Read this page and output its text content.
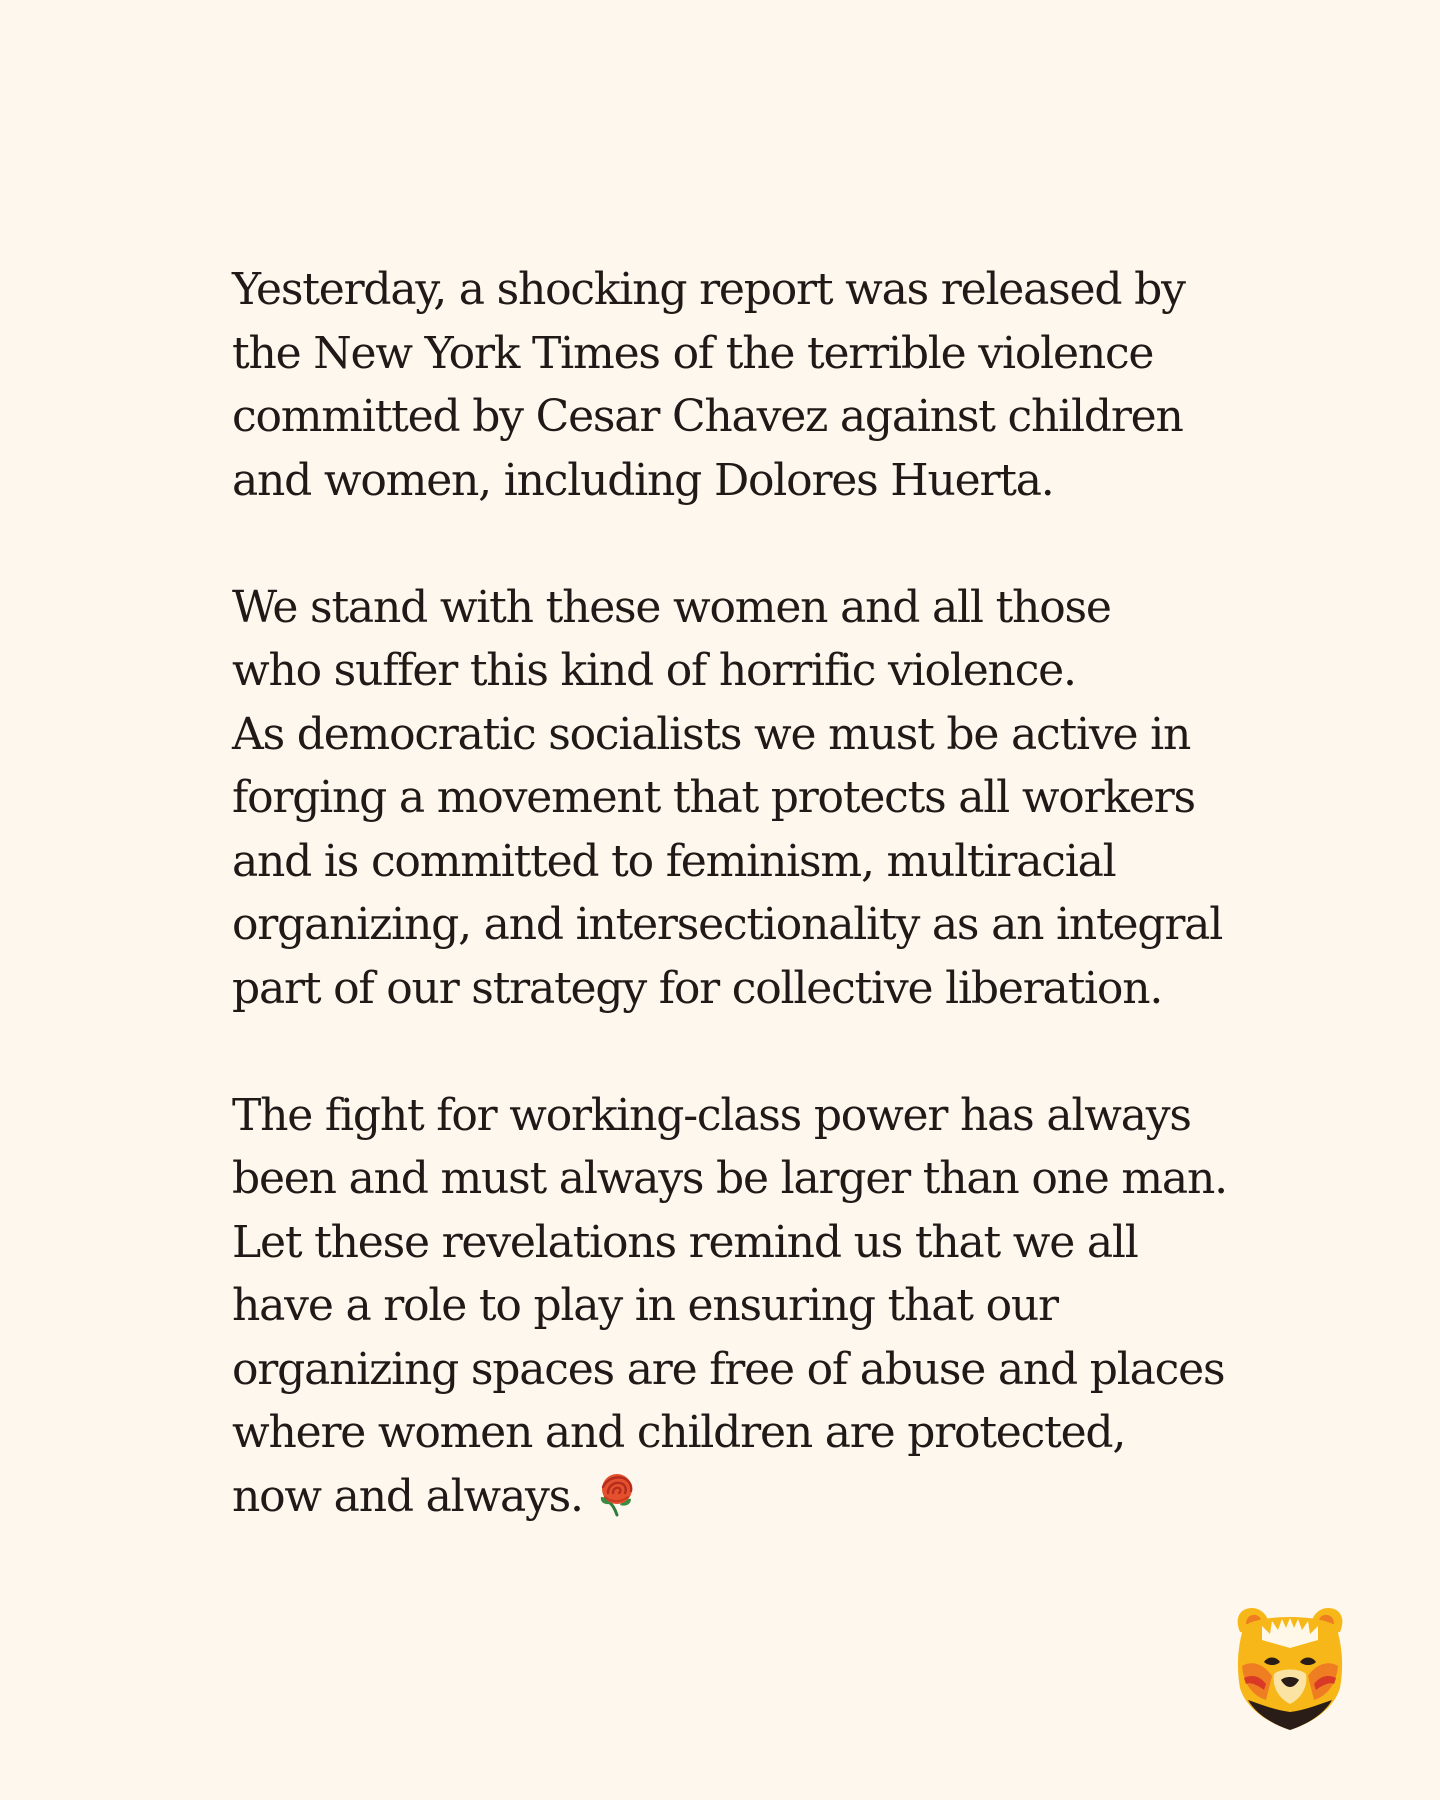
Yesterday, a shocking report was released by
the New York Times of the terrible violence
committed by Cesar Chavez against children
and women, including Dolores Huerta.

We stand with these women and all those
who suffer this kind of horrific violence.
As democratic socialists we must be active in
forging a movement that protects all workers
and is committed to feminism, multiracial
organizing, and intersectionality as an integral
part of our strategy for collective liberation.

The fight for working-class power has always
been and must always be larger than one man.
Let these revelations remind us that we all
have a role to play in ensuring that our
organizing spaces are free of abuse and places
where women and children are protected,
now and always.
